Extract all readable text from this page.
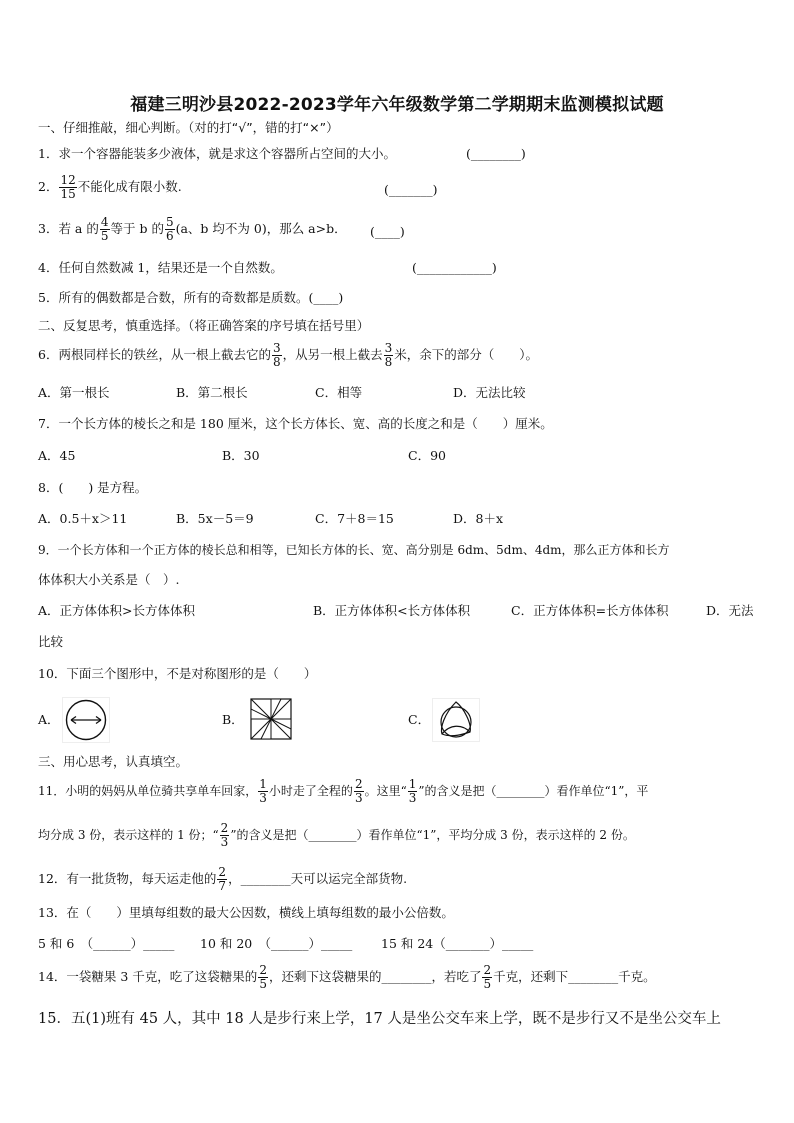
福建三明沙县2022-2023学年六年级数学第二学期期末监测模拟试题
一、仔细推敲，细心判断。（对的打“√”，错的打“×”）
1．求一个容器能装多少液体，就是求这个容器所占空间的大小。	(________)
2． $\frac{12}{15}$ 不能化成有限小数.	(_______)
3．若 a 的 $\frac{4}{5}$ 等于 b 的 $\frac{5}{6} (a$、b 均不为 0)，那么 a>b． (____)
4．任何自然数减 1，结果还是一个自然数。	(____________)
5．所有的偶数都是合数，所有的奇数都是质数。(____)
二、反复思考，慎重选择。（将正确答案的序号填在括号里）
6．两根同样长的铁丝，从一根上截去它的 $\frac{3}{8}$ ，从另一根上截去 $\frac{3}{8}$ 米，余下的部分（　　）。
A．第一根长	B．第二根长	C．相等	D．无法比较
7．一个长方体的棱长之和是 180 厘米，这个长方体长、宽、高的长度之和是（　　）厘米。
A．45	B．30	C．90
8．(　　) 是方程。
A．0.5＋x＞11	B．5x－5＝9	C．7＋8＝15	D．8＋x
9．一个长方体和一个正方体的棱长总和相等，已知长方体的长、宽、高分别是 6dm、5dm、4dm，那么正方体和长方
体体积大小关系是（　）.
A．正方体体积>长方体体积	B．正方体体积<长方体体积	C．正方体体积=长方体体积	D．无法
比较
10．下面三个图形中，不是对称图形的是（　　）
A．	B．	C．
三、用心思考，认真填空。
11．小明的妈妈从单位骑共享单车回家， $\frac{1}{3}$ 小时走了全程的 $\frac{2}{3}$ 。这里“ $\frac{1}{3}$ ”的含义是把（________）看作单位“1”，平
均分成 3 份，表示这样的 1 份；“ $\frac{2}{3}$ ”的含义是把（________）看作单位“1”，平均分成 3 份，表示这样的 2 份。
12．有一批货物，每天运走他的 $\frac{2}{7}$ ，________天可以运完全部货物.
13．在（　　）里填每组数的最大公因数，横线上填每组数的最小公倍数。
5 和 6　（______）_____ 10 和 20　（______）_____ 15 和 24（_______）_____
14．一袋糖果 3 千克，吃了这袋糖果的 $\frac{2}{5}$ ，还剩下这袋糖果的________，若吃了 $\frac{2}{5}$ 千克，还剩下________千克。
15．五(1)班有 45 人，其中 18 人是步行来上学，17 人是坐公交车来上学，既不是步行又不是坐公交车上
